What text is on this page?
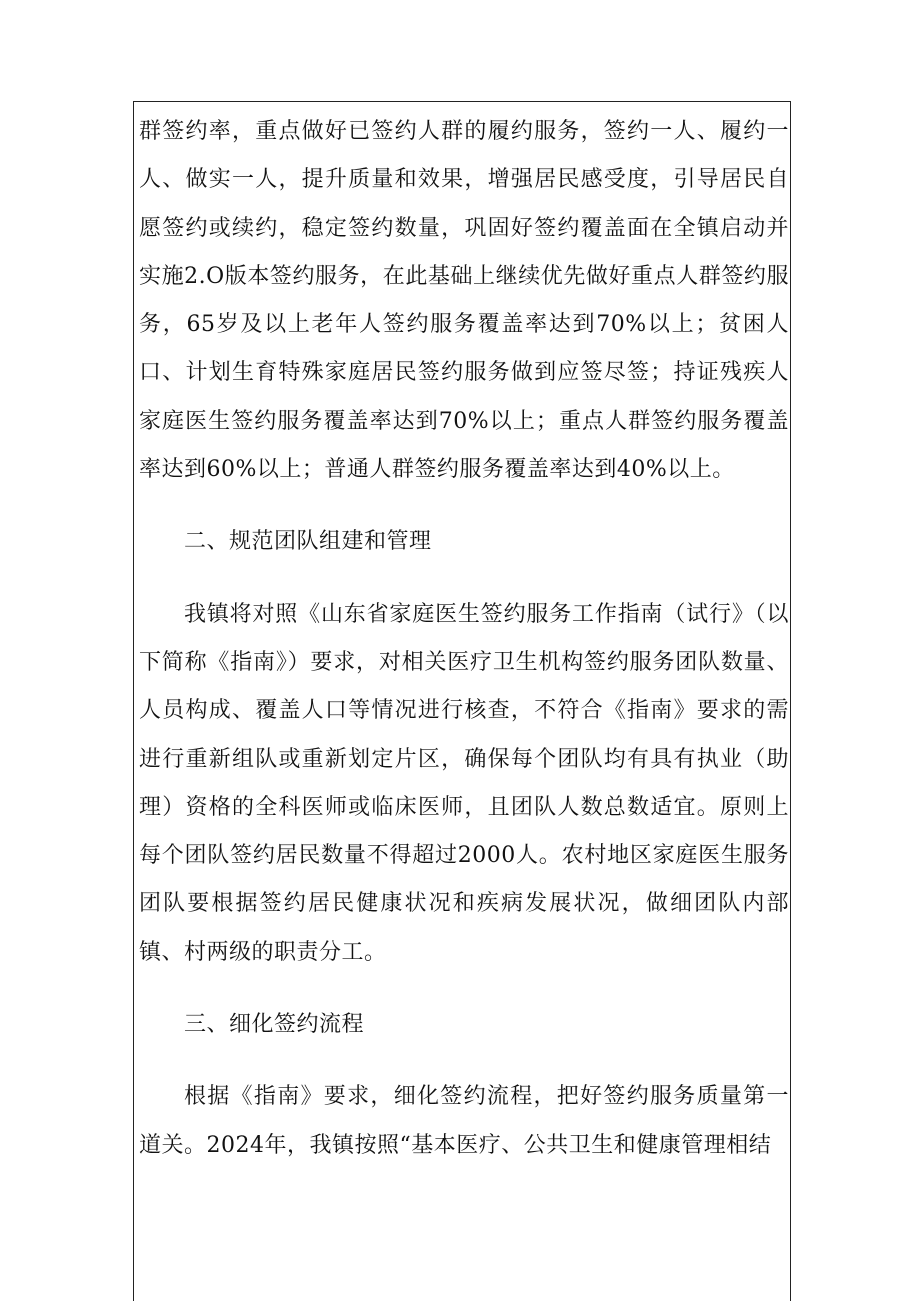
群签约率，重点做好已签约人群的履约服务，签约一人、履约一人、做实一人，提升质量和效果，增强居民感受度，引导居民自愿签约或续约，稳定签约数量，巩固好签约覆盖面在全镇启动并实施2.O版本签约服务，在此基础上继续优先做好重点人群签约服务，65岁及以上老年人签约服务覆盖率达到70%以上；贫困人口、计划生育特殊家庭居民签约服务做到应签尽签；持证残疾人家庭医生签约服务覆盖率达到70%以上；重点人群签约服务覆盖率达到60%以上；普通人群签约服务覆盖率达到40%以上。

二、规范团队组建和管理

我镇将对照《山东省家庭医生签约服务工作指南（试行》（以下简称《指南》）要求，对相关医疗卫生机构签约服务团队数量、人员构成、覆盖人口等情况进行核查，不符合《指南》要求的需进行重新组队或重新划定片区，确保每个团队均有具有执业（助理）资格的全科医师或临床医师，且团队人数总数适宜。原则上每个团队签约居民数量不得超过2000人。农村地区家庭医生服务团队要根据签约居民健康状况和疾病发展状况，做细团队内部镇、村两级的职责分工。

三、细化签约流程

根据《指南》要求，细化签约流程，把好签约服务质量第一道关。2024年，我镇按照“基本医疗、公共卫生和健康管理相结
